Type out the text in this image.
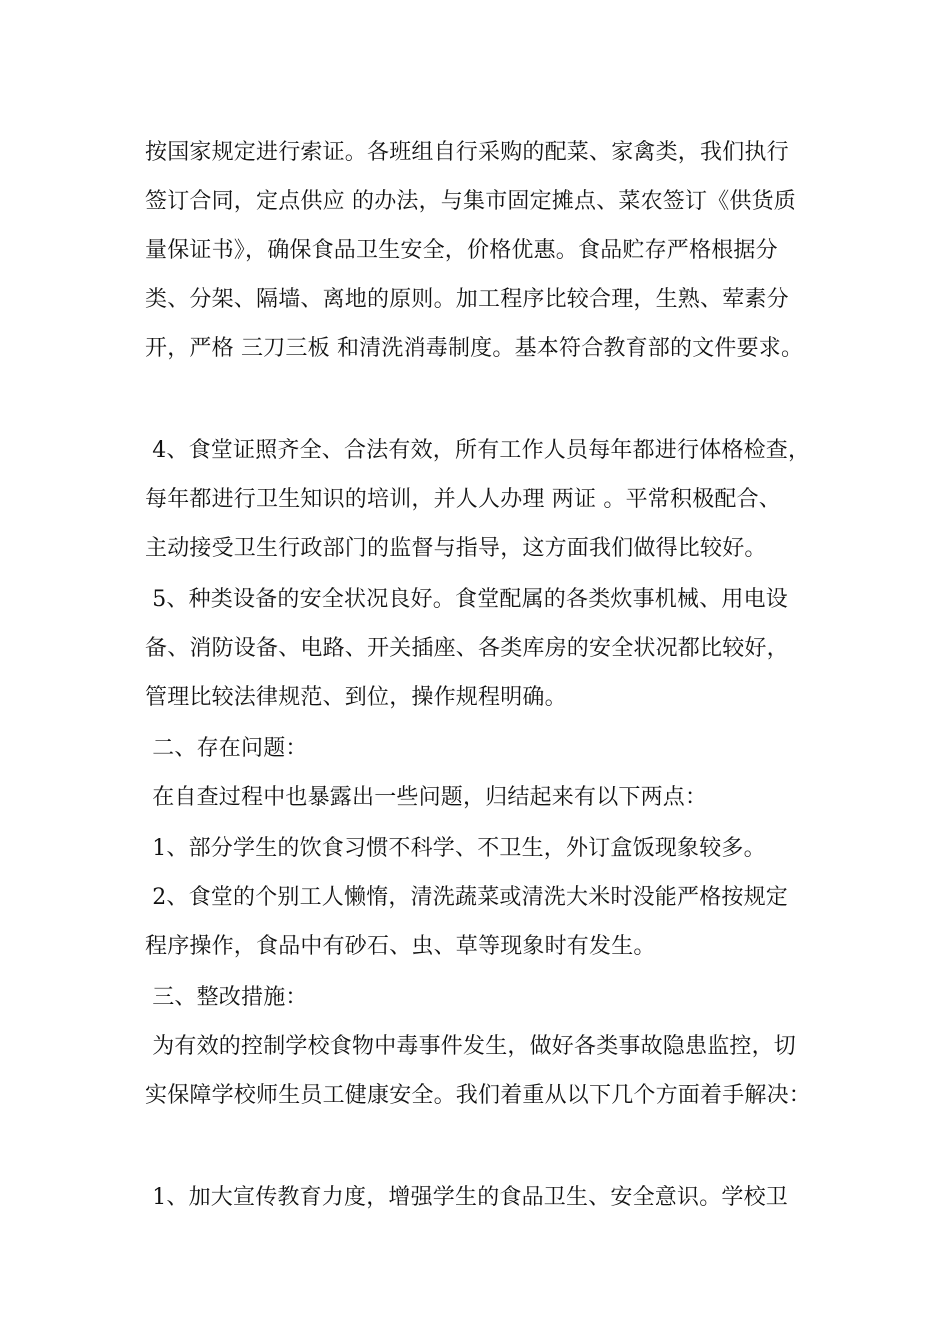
按国家规定进行索证。各班组自行采购的配菜、家禽类，我们执行
签订合同，定点供应 的办法，与集市固定摊点、菜农签订《供货质
量保证书》，确保食品卫生安全，价格优惠。食品贮存严格根据分
类、分架、隔墙、离地的原则。加工程序比较合理，生熟、荤素分
开，严格 三刀三板 和清洗消毒制度。基本符合教育部的文件要求。
4、食堂证照齐全、合法有效，所有工作人员每年都进行体格检查，
每年都进行卫生知识的培训，并人人办理 两证 。平常积极配合、
主动接受卫生行政部门的监督与指导，这方面我们做得比较好。
5、种类设备的安全状况良好。食堂配属的各类炊事机械、用电设
备、消防设备、电路、开关插座、各类库房的安全状况都比较好，
管理比较法律规范、到位，操作规程明确。
二、存在问题：
在自查过程中也暴露出一些问题，归结起来有以下两点：
1、部分学生的饮食习惯不科学、不卫生，外订盒饭现象较多。
2、食堂的个别工人懒惰，清洗蔬菜或清洗大米时没能严格按规定
程序操作，食品中有砂石、虫、草等现象时有发生。
三、整改措施：
为有效的控制学校食物中毒事件发生，做好各类事故隐患监控，切
实保障学校师生员工健康安全。我们着重从以下几个方面着手解决：
1、加大宣传教育力度，增强学生的食品卫生、安全意识。学校卫
